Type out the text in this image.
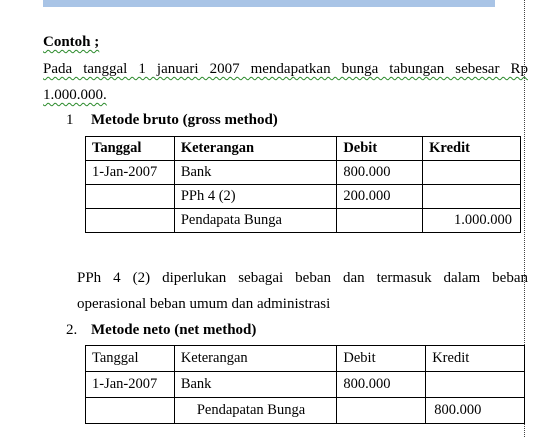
Contoh ;
Pada tanggal 1 januari 2007 mendapatkan bunga tabungan sebesar Rp
1.000.000.
1 Metode bruto (gross method)
Tanggal	Keterangan	Debit	Kredit
1-Jan-2007	Bank	800.000	
	PPh 4 (2)	200.000	
	Pendapata Bunga		1.000.000
PPh 4 (2) diperlukan sebagai beban dan termasuk dalam beban
operasional beban umum dan administrasi
2. Metode neto (net method)
Tanggal	Keterangan	Debit	Kredit
1-Jan-2007	Bank	800.000	
	Pendapatan Bunga		800.000
